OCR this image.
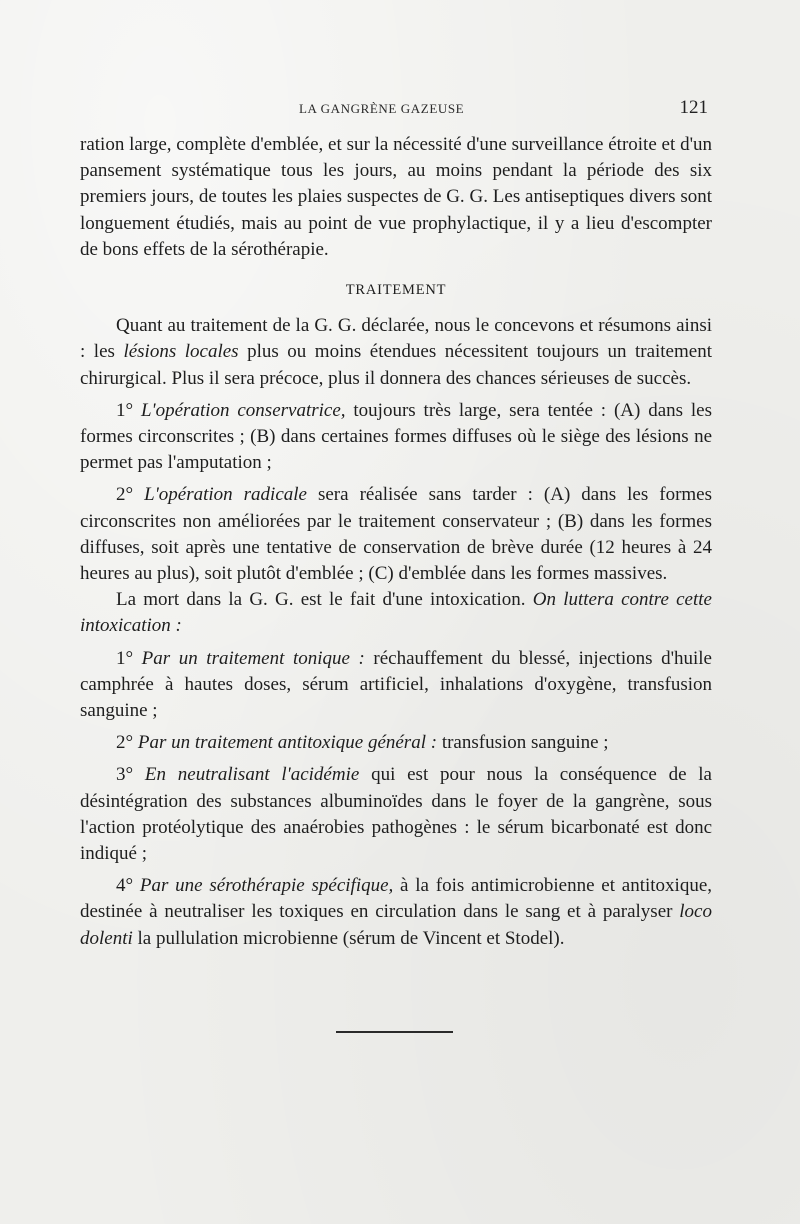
LA GANGRÈNE GAZEUSE	121

ration large, complète d'emblée, et sur la nécessité d'une surveillance étroite et d'un pansement systématique tous les jours, au moins pendant la période des six premiers jours, de toutes les plaies suspectes de G. G. Les antiseptiques divers sont longuement étudiés, mais au point de vue prophylactique, il y a lieu d'escompter de bons effets de la sérothérapie.

TRAITEMENT

Quant au traitement de la G. G. déclarée, nous le concevons et résumons ainsi : les lésions locales plus ou moins étendues nécessitent toujours un traitement chirurgical. Plus il sera précoce, plus il donnera des chances sérieuses de succès.

1° L'opération conservatrice, toujours très large, sera tentée : (A) dans les formes circonscrites ; (B) dans certaines formes diffuses où le siège des lésions ne permet pas l'amputation ;

2° L'opération radicale sera réalisée sans tarder : (A) dans les formes circonscrites non améliorées par le traitement conservateur ; (B) dans les formes diffuses, soit après une tentative de conservation de brève durée (12 heures à 24 heures au plus), soit plutôt d'emblée ; (C) d'emblée dans les formes massives.

La mort dans la G. G. est le fait d'une intoxication. On luttera contre cette intoxication :

1° Par un traitement tonique : réchauffement du blessé, injections d'huile camphrée à hautes doses, sérum artificiel, inhalations d'oxygène, transfusion sanguine ;

2° Par un traitement antitoxique général : transfusion sanguine ;

3° En neutralisant l'acidémie qui est pour nous la conséquence de la désintégration des substances albuminoïdes dans le foyer de la gangrène, sous l'action protéolytique des anaérobies pathogènes : le sérum bicarbonaté est donc indiqué ;

4° Par une sérothérapie spécifique, à la fois antimicrobienne et antitoxique, destinée à neutraliser les toxiques en circulation dans le sang et à paralyser loco dolenti la pullulation microbienne (sérum de Vincent et Stodel).
